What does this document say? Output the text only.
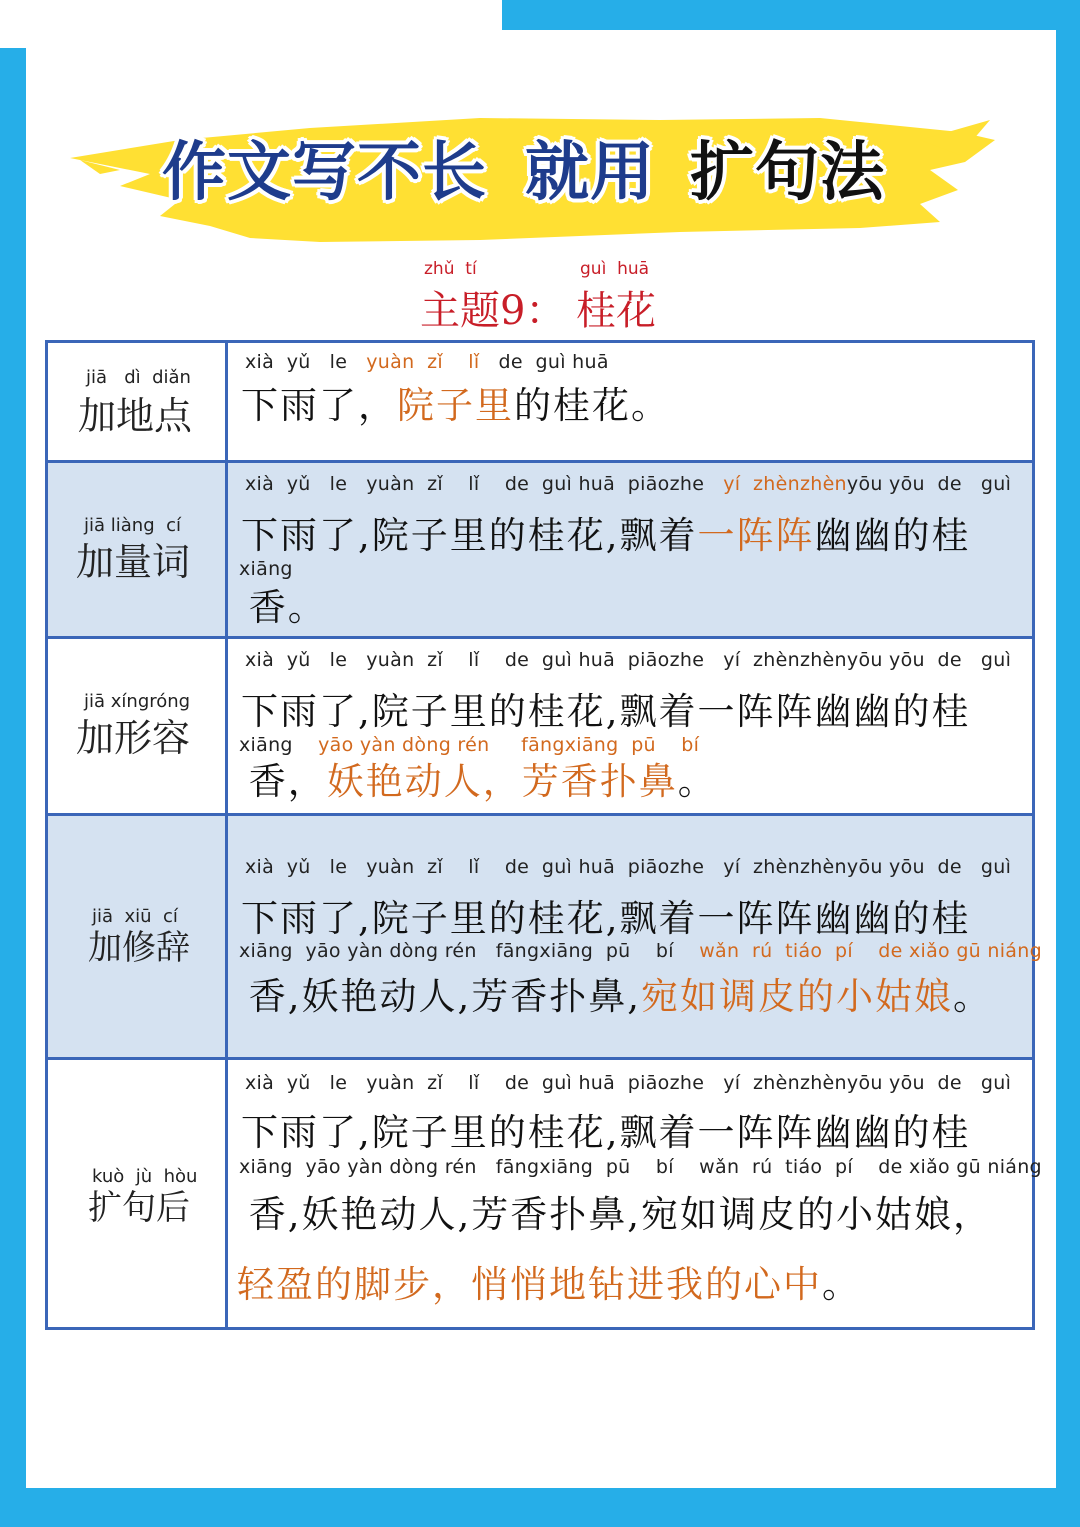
作文写不长 就用 扩句法
zhǔ  tí	guì  huā
主题9： 桂花
jiā   dì  diǎn
加地点
xià  yǔ   le   yuàn  zǐ    lǐ   de  guì huā
下雨了，院子里的桂花。
jiā liàng  cí
加量词
xià  yǔ   le   yuàn  zǐ    lǐ    de  guì huā  piāozhe   yí  zhènzhènyōu yōu  de   guì
下雨了,院子里的桂花,飘着一阵阵幽幽的桂
xiāng
香。
jiā xíngróng
加形容
xià  yǔ   le   yuàn  zǐ    lǐ    de  guì huā  piāozhe   yí  zhènzhènyōu yōu  de   guì
下雨了,院子里的桂花,飘着一阵阵幽幽的桂
xiāng    yāo yàn dòng rén     fāngxiāng  pū    bí
香，妖艳动人，芳香扑鼻。
jiā  xiū  cí
加修辞
xià  yǔ   le   yuàn  zǐ    lǐ    de  guì huā  piāozhe   yí  zhènzhènyōu yōu  de   guì
下雨了,院子里的桂花,飘着一阵阵幽幽的桂
xiāng  yāo yàn dòng rén   fāngxiāng  pū    bí    wǎn  rú  tiáo  pí    de xiǎo gū niáng
香,妖艳动人,芳香扑鼻,宛如调皮的小姑娘。
kuò  jù  hòu
扩句后
xià  yǔ   le   yuàn  zǐ    lǐ    de  guì huā  piāozhe   yí  zhènzhènyōu yōu  de   guì
下雨了,院子里的桂花,飘着一阵阵幽幽的桂
xiāng  yāo yàn dòng rén   fāngxiāng  pū    bí    wǎn  rú  tiáo  pí    de xiǎo gū niáng
香,妖艳动人,芳香扑鼻,宛如调皮的小姑娘，
轻盈的脚步，悄悄地钻进我的心中。
